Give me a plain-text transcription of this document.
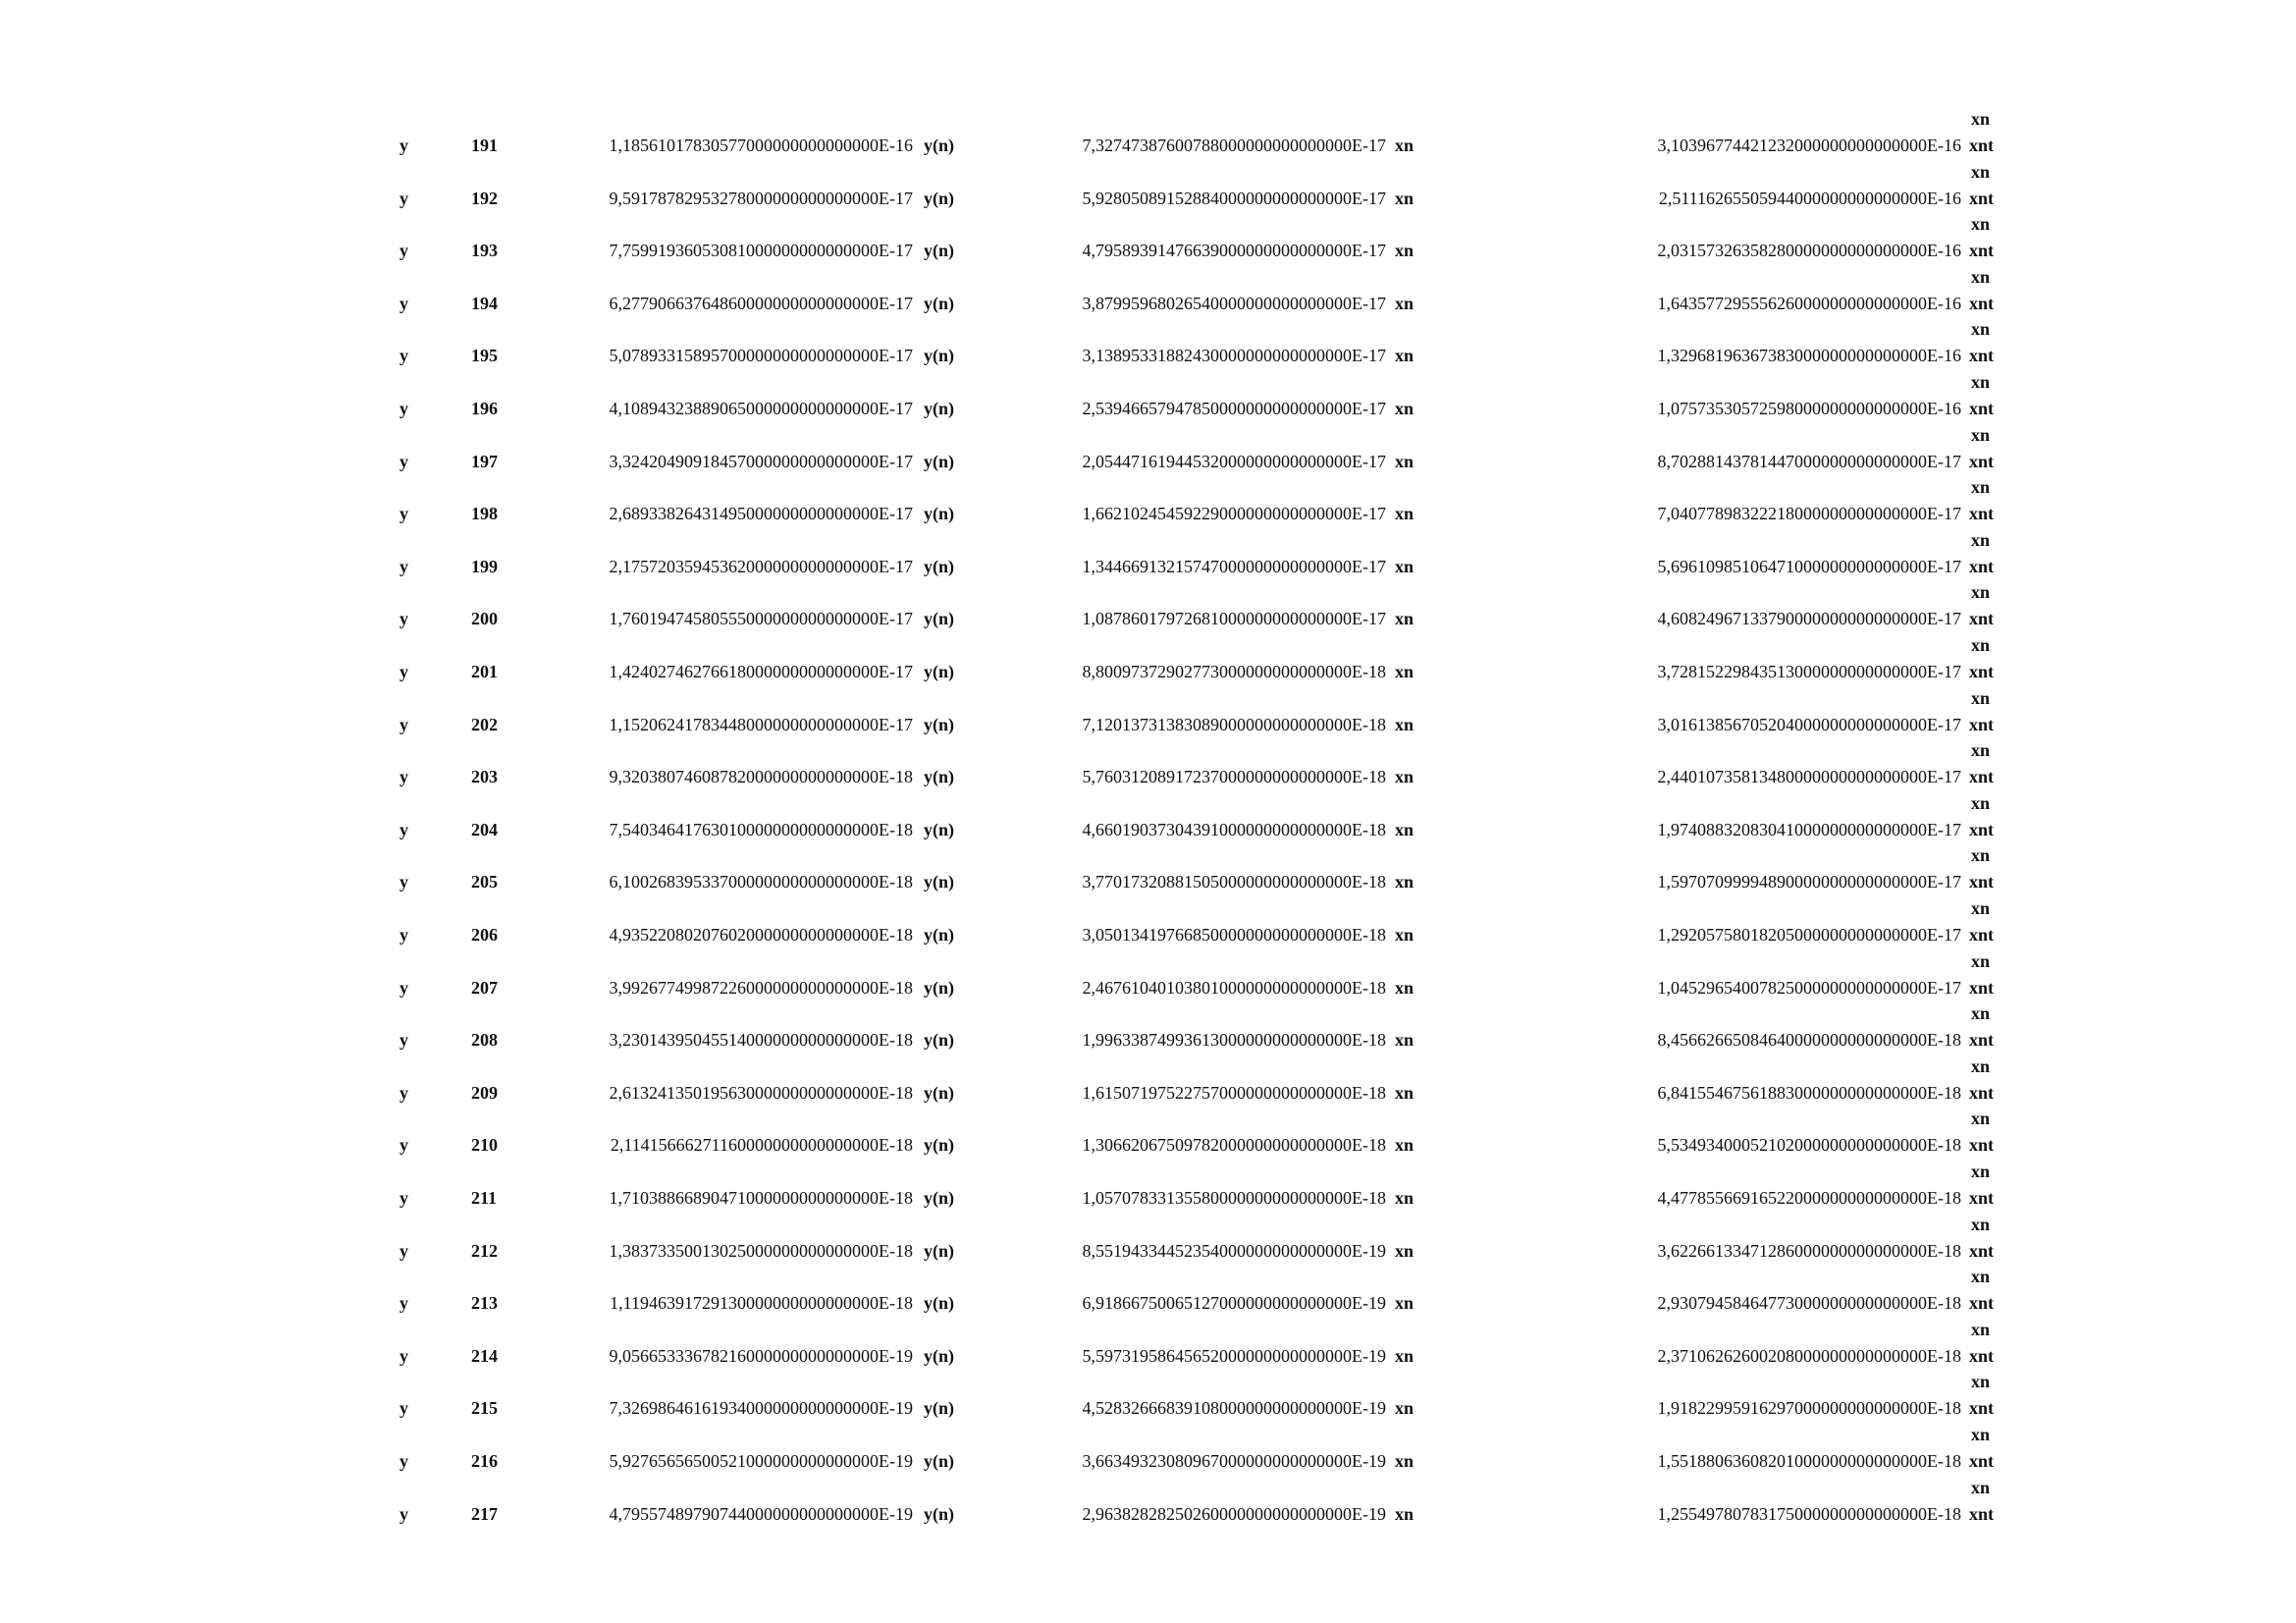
xn
y	191	1,18561017830577000000000000000E-16 y(n)	7,32747387600788000000000000000E-17 xn	3,10396774421232000000000000000E-16 xnt
xn
y	192	9,59178782953278000000000000000E-17 y(n)	5,92805089152884000000000000000E-17 xn	2,51116265505944000000000000000E-16 xnt
xn
y	193	7,75991936053081000000000000000E-17 y(n)	4,79589391476639000000000000000E-17 xn	2,03157326358280000000000000000E-16 xnt
xn
y	194	6,27790663764860000000000000000E-17 y(n)	3,87995968026540000000000000000E-17 xn	1,64357729555626000000000000000E-16 xnt
xn
y	195	5,07893315895700000000000000000E-17 y(n)	3,13895331882430000000000000000E-17 xn	1,32968196367383000000000000000E-16 xnt
xn
y	196	4,10894323889065000000000000000E-17 y(n)	2,53946657947850000000000000000E-17 xn	1,07573530572598000000000000000E-16 xnt
xn
y	197	3,32420490918457000000000000000E-17 y(n)	2,05447161944532000000000000000E-17 xn	8,70288143781447000000000000000E-17 xnt
xn
y	198	2,68933826431495000000000000000E-17 y(n)	1,66210245459229000000000000000E-17 xn	7,04077898322218000000000000000E-17 xnt
xn
y	199	2,17572035945362000000000000000E-17 y(n)	1,34466913215747000000000000000E-17 xn	5,69610985106471000000000000000E-17 xnt
xn
y	200	1,76019474580555000000000000000E-17 y(n)	1,08786017972681000000000000000E-17 xn	4,60824967133790000000000000000E-17 xnt
xn
y	201	1,42402746276618000000000000000E-17 y(n)	8,80097372902773000000000000000E-18 xn	3,72815229843513000000000000000E-17 xnt
xn
y	202	1,15206241783448000000000000000E-17 y(n)	7,12013731383089000000000000000E-18 xn	3,01613856705204000000000000000E-17 xnt
xn
y	203	9,32038074608782000000000000000E-18 y(n)	5,76031208917237000000000000000E-18 xn	2,44010735813480000000000000000E-17 xnt
xn
y	204	7,54034641763010000000000000000E-18 y(n)	4,66019037304391000000000000000E-18 xn	1,97408832083041000000000000000E-17 xnt
xn
y	205	6,10026839533700000000000000000E-18 y(n)	3,77017320881505000000000000000E-18 xn	1,59707099994890000000000000000E-17 xnt
xn
y	206	4,93522080207602000000000000000E-18 y(n)	3,05013419766850000000000000000E-18 xn	1,29205758018205000000000000000E-17 xnt
xn
y	207	3,99267749987226000000000000000E-18 y(n)	2,46761040103801000000000000000E-18 xn	1,04529654007825000000000000000E-17 xnt
xn
y	208	3,23014395045514000000000000000E-18 y(n)	1,99633874993613000000000000000E-18 xn	8,45662665084640000000000000000E-18 xnt
xn
y	209	2,61324135019563000000000000000E-18 y(n)	1,61507197522757000000000000000E-18 xn	6,84155467561883000000000000000E-18 xnt
xn
y	210	2,11415666271160000000000000000E-18 y(n)	1,30662067509782000000000000000E-18 xn	5,53493400052102000000000000000E-18 xnt
xn
y	211	1,71038866890471000000000000000E-18 y(n)	1,05707833135580000000000000000E-18 xn	4,47785566916522000000000000000E-18 xnt
xn
y	212	1,38373350013025000000000000000E-18 y(n)	8,55194334452354000000000000000E-19 xn	3,62266133471286000000000000000E-18 xnt
xn
y	213	1,11946391729130000000000000000E-18 y(n)	6,91866750065127000000000000000E-19 xn	2,93079458464773000000000000000E-18 xnt
xn
y	214	9,05665333678216000000000000000E-19 y(n)	5,59731958645652000000000000000E-19 xn	2,37106262600208000000000000000E-18 xnt
xn
y	215	7,32698646161934000000000000000E-19 y(n)	4,52832666839108000000000000000E-19 xn	1,91822995916297000000000000000E-18 xnt
xn
y	216	5,92765656500521000000000000000E-19 y(n)	3,66349323080967000000000000000E-19 xn	1,55188063608201000000000000000E-18 xnt
xn
y	217	4,79557489790744000000000000000E-19 y(n)	2,96382828250260000000000000000E-19 xn	1,25549780783175000000000000000E-18 xnt
